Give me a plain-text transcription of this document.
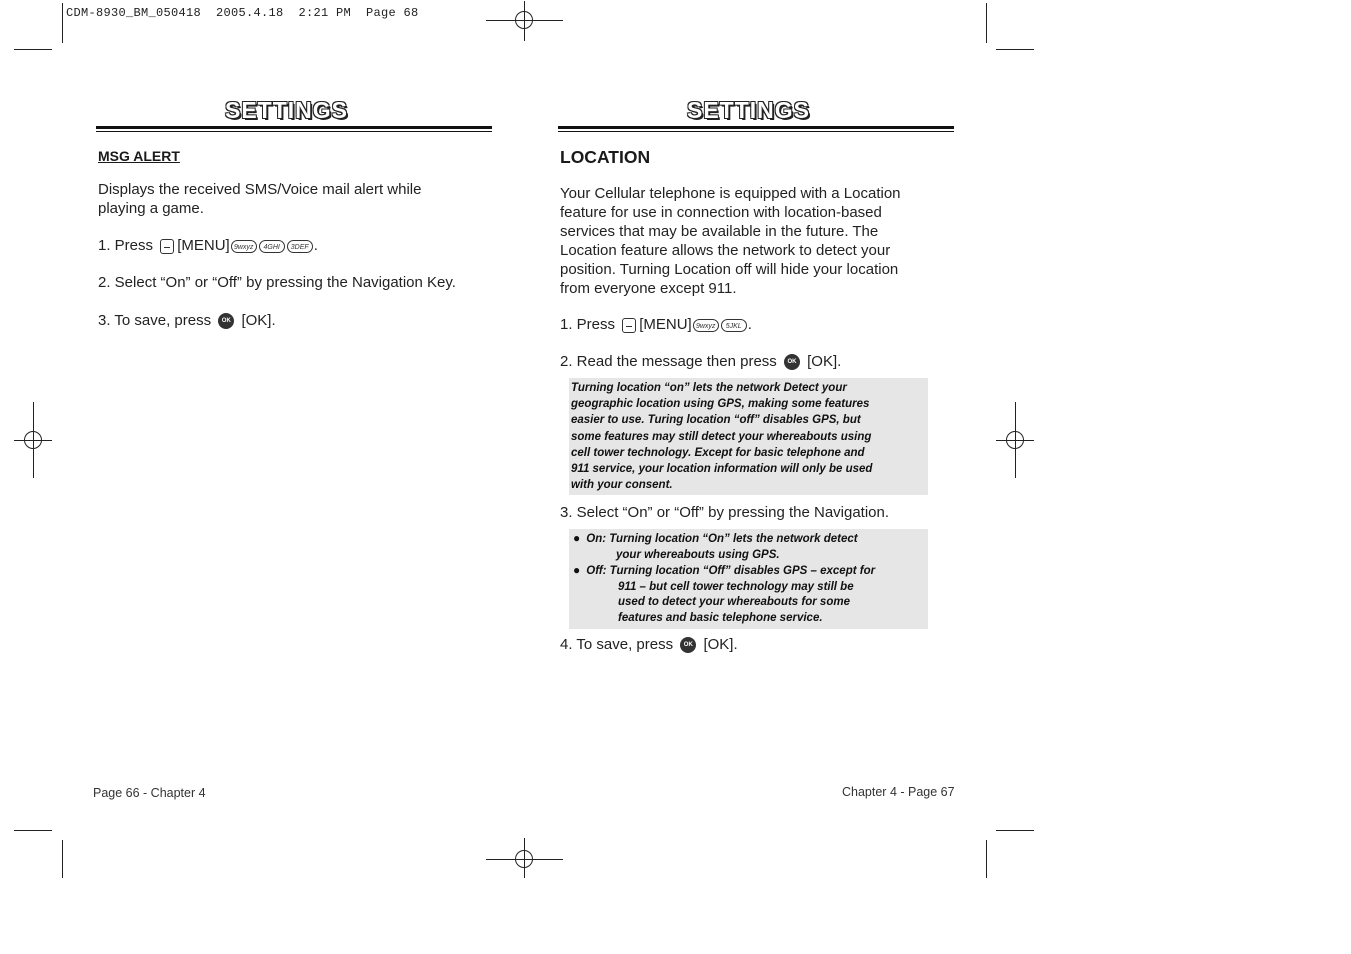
CDM-8930_BM_050418  2005.4.18  2:21 PM  Page 68
SETTINGS
MSG ALERT
Displays the received SMS/Voice mail alert while
playing a game.
1. Press [MENU] 9wxyz 4GHI 3DEF .
2. Select “On” or “Off” by pressing the Navigation Key.
3. To save, press OK [OK].
Page 66 - Chapter 4
SETTINGS
LOCATION
Your Cellular telephone is equipped with a Location
feature for use in connection with location-based
services that may be available in the future. The
Location feature allows the network to detect your
position. Turning Location off will hide your location
from everyone except 911.
1. Press [MENU] 9wxyz 5JKL .
2. Read the message then press OK [OK].
Turning location “on” lets the network Detect your
geographic location using GPS, making some features
easier to use. Turing location “off” disables GPS, but
some features may still detect your whereabouts using
cell tower technology. Except for basic telephone and
911 service, your location information will only be used
with your consent.
3. Select “On” or “Off” by pressing the Navigation.
● On: Turning location “On” lets the network detect
your whereabouts using GPS.
● Off: Turning location “Off” disables GPS – except for
911 – but cell tower technology may still be
used to detect your whereabouts for some
features and basic telephone service.
4. To save, press OK [OK].
Chapter 4 - Page 67
